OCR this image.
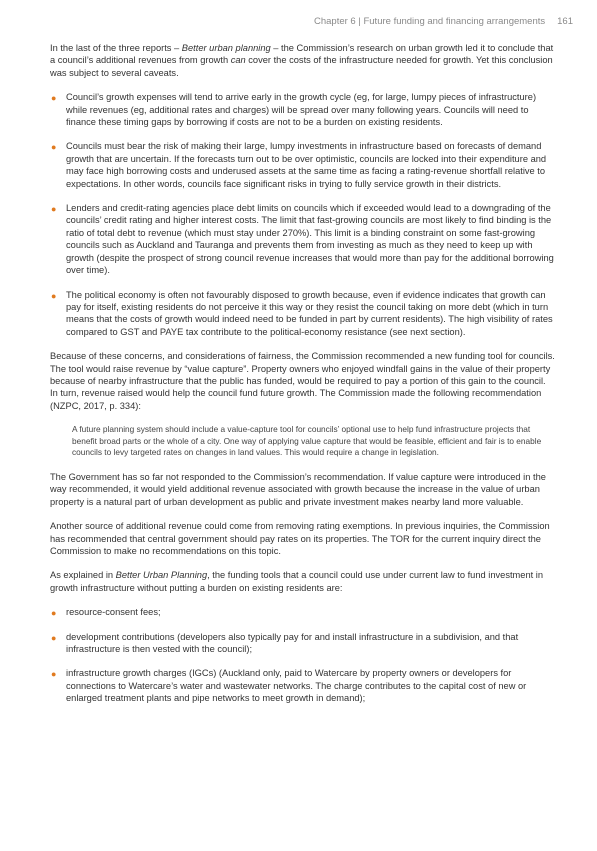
Chapter 6 | Future funding and financing arrangements 161

In the last of the three reports – Better urban planning – the Commission’s research on urban growth led it to conclude that a council’s additional revenues from growth can cover the costs of the infrastructure needed for growth. Yet this conclusion was subject to several caveats.

● Council’s growth expenses will tend to arrive early in the growth cycle (eg, for large, lumpy pieces of infrastructure) while revenues (eg, additional rates and charges) will be spread over many following years. Councils will need to finance these timing gaps by borrowing if costs are not to be a burden on existing residents.
● Councils must bear the risk of making their large, lumpy investments in infrastructure based on forecasts of demand growth that are uncertain. If the forecasts turn out to be over optimistic, councils are locked into their expenditure and may face high borrowing costs and underused assets at the same time as facing a rating-revenue shortfall relative to expectations. In other words, councils face significant risks in trying to fully service growth in their districts.
● Lenders and credit-rating agencies place debt limits on councils which if exceeded would lead to a downgrading of the councils’ credit rating and higher interest costs. The limit that fast-growing councils are most likely to find binding is the ratio of total debt to revenue (which must stay under 270%). This limit is a binding constraint on some fast-growing councils such as Auckland and Tauranga and prevents them from investing as much as they need to keep up with growth (despite the prospect of strong council revenue increases that would more than pay for the additional borrowing over time).
● The political economy is often not favourably disposed to growth because, even if evidence indicates that growth can pay for itself, existing residents do not perceive it this way or they resist the council taking on more debt (which in turn means that the costs of growth would indeed need to be funded in part by current residents). The high visibility of rates compared to GST and PAYE tax contribute to the political-economy resistance (see next section).

Because of these concerns, and considerations of fairness, the Commission recommended a new funding tool for councils. The tool would raise revenue by “value capture”. Property owners who enjoyed windfall gains in the value of their property because of nearby infrastructure that the public has funded, would be required to pay a portion of this gain to the council. In turn, revenue raised would help the council fund future growth. The Commission made the following recommendation (NZPC, 2017, p. 334):

A future planning system should include a value-capture tool for councils’ optional use to help fund infrastructure projects that benefit broad parts or the whole of a city. One way of applying value capture that would be feasible, efficient and fair is to enable councils to levy targeted rates on changes in land values. This would require a change in legislation.

The Government has so far not responded to the Commission’s recommendation. If value capture were introduced in the way recommended, it would yield additional revenue associated with growth because the increase in the value of urban property is a natural part of urban development as public and private investment makes nearby land more valuable.

Another source of additional revenue could come from removing rating exemptions. In previous inquiries, the Commission has recommended that central government should pay rates on its properties. The TOR for the current inquiry direct the Commission to make no recommendations on this topic.

As explained in Better Urban Planning, the funding tools that a council could use under current law to fund investment in growth infrastructure without putting a burden on existing residents are:

● resource-consent fees;
● development contributions (developers also typically pay for and install infrastructure in a subdivision, and that infrastructure is then vested with the council);
● infrastructure growth charges (IGCs) (Auckland only, paid to Watercare by property owners or developers for connections to Watercare’s water and wastewater networks. The charge contributes to the capital cost of new or enlarged treatment plants and pipe networks to meet growth in demand);
